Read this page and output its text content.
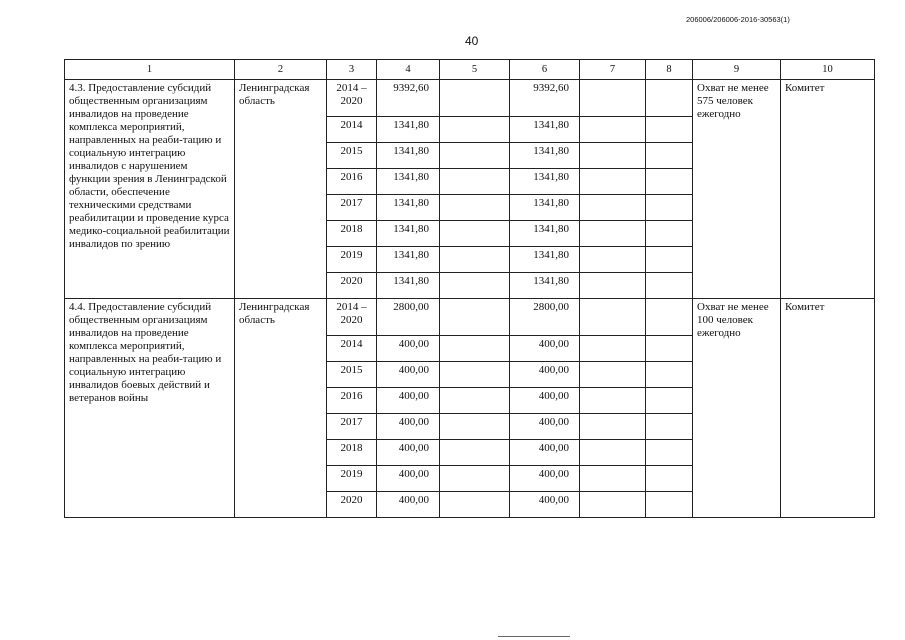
206006/206006-2016-30563(1)
40
1	2	3	4	5	6	7	8	9	10
4.3. Предоставление субсидий общественным организациям инвалидов на проведение комплекса мероприятий, направленных на реаби-тацию и социальную интеграцию инвалидов с нарушением функции зрения в Ленинградской области, обеспечение техническими средствами реабилитации и проведение курса медико-социальной реабилитации инвалидов по зрению	Ленинградская область	2014 – 2020	9392,60		9392,60			Охват не менее 575 человек ежегодно	Комитет
		2014	1341,80		1341,80				
		2015	1341,80		1341,80				
		2016	1341,80		1341,80				
		2017	1341,80		1341,80				
		2018	1341,80		1341,80				
		2019	1341,80		1341,80				
		2020	1341,80		1341,80				
4.4. Предоставление субсидий общественным организациям инвалидов на проведение комплекса мероприятий, направленных на реаби-тацию и социальную интеграцию инвалидов боевых действий и ветеранов войны	Ленинградская область	2014 – 2020	2800,00		2800,00			Охват не менее 100 человек ежегодно	Комитет
		2014	400,00		400,00				
		2015	400,00		400,00				
		2016	400,00		400,00				
		2017	400,00		400,00				
		2018	400,00		400,00				
		2019	400,00		400,00				
		2020	400,00		400,00				
